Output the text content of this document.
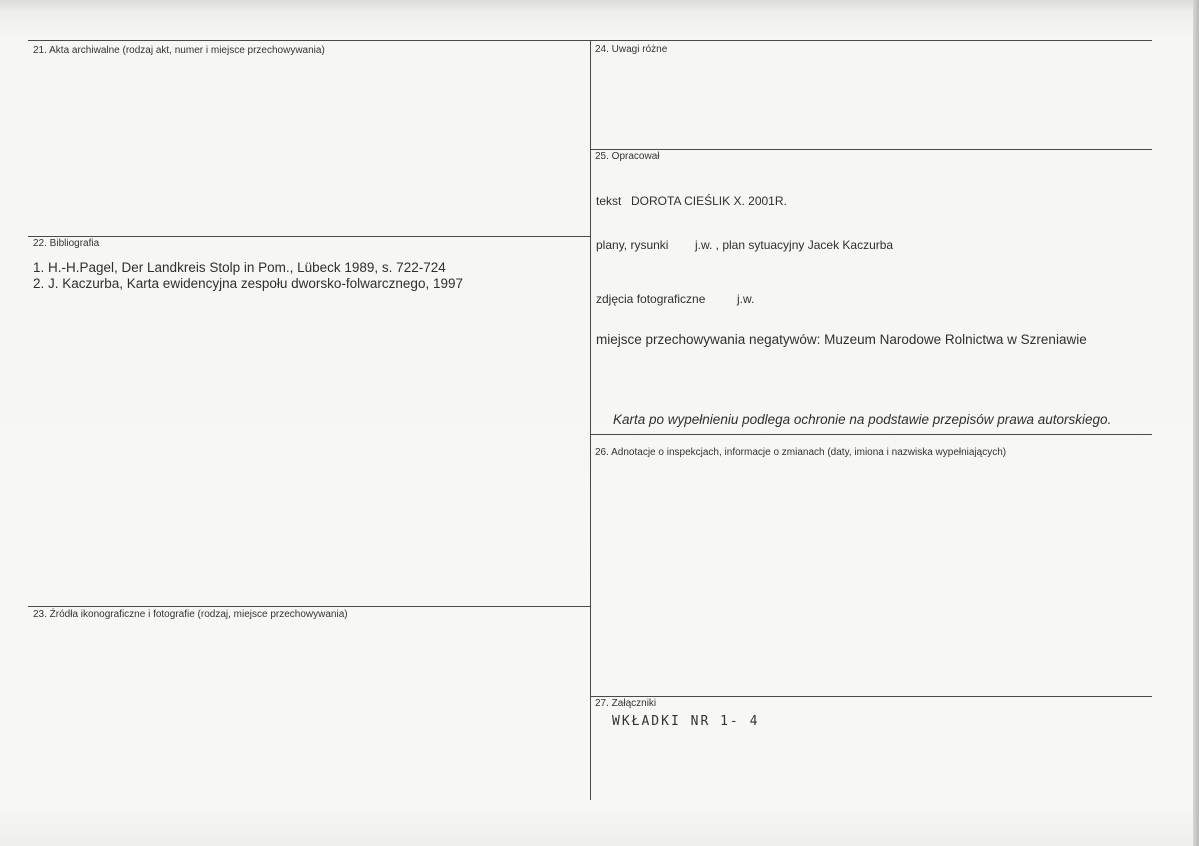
21. Akta archiwalne (rodzaj akt, numer i miejsce przechowywania)
22. Bibliografia
1. H.-H.Pagel, Der Landkreis Stolp in Pom., Lübeck 1989, s. 722-724
2. J. Kaczurba, Karta ewidencyjna zespołu dworsko-folwarcznego, 1997
23. Źródła ikonograficzne i fotografie (rodzaj, miejsce przechowywania)
24. Uwagi różne
25. Opracował
tekst DOROTA CIEŚLIK X. 2001R.
plany, rysunki j.w. , plan sytuacyjny Jacek Kaczurba
zdjęcia fotograficzne	j.w.
miejsce przechowywania negatywów: Muzeum Narodowe Rolnictwa w Szreniawie
Karta po wypełnieniu podlega ochronie na podstawie przepisów prawa autorskiego.
26. Adnotacje o inspekcjach, informacje o zmianach (daty, imiona i nazwiska wypełniających)
27. Załączniki
WKŁADKI NR 1- 4
